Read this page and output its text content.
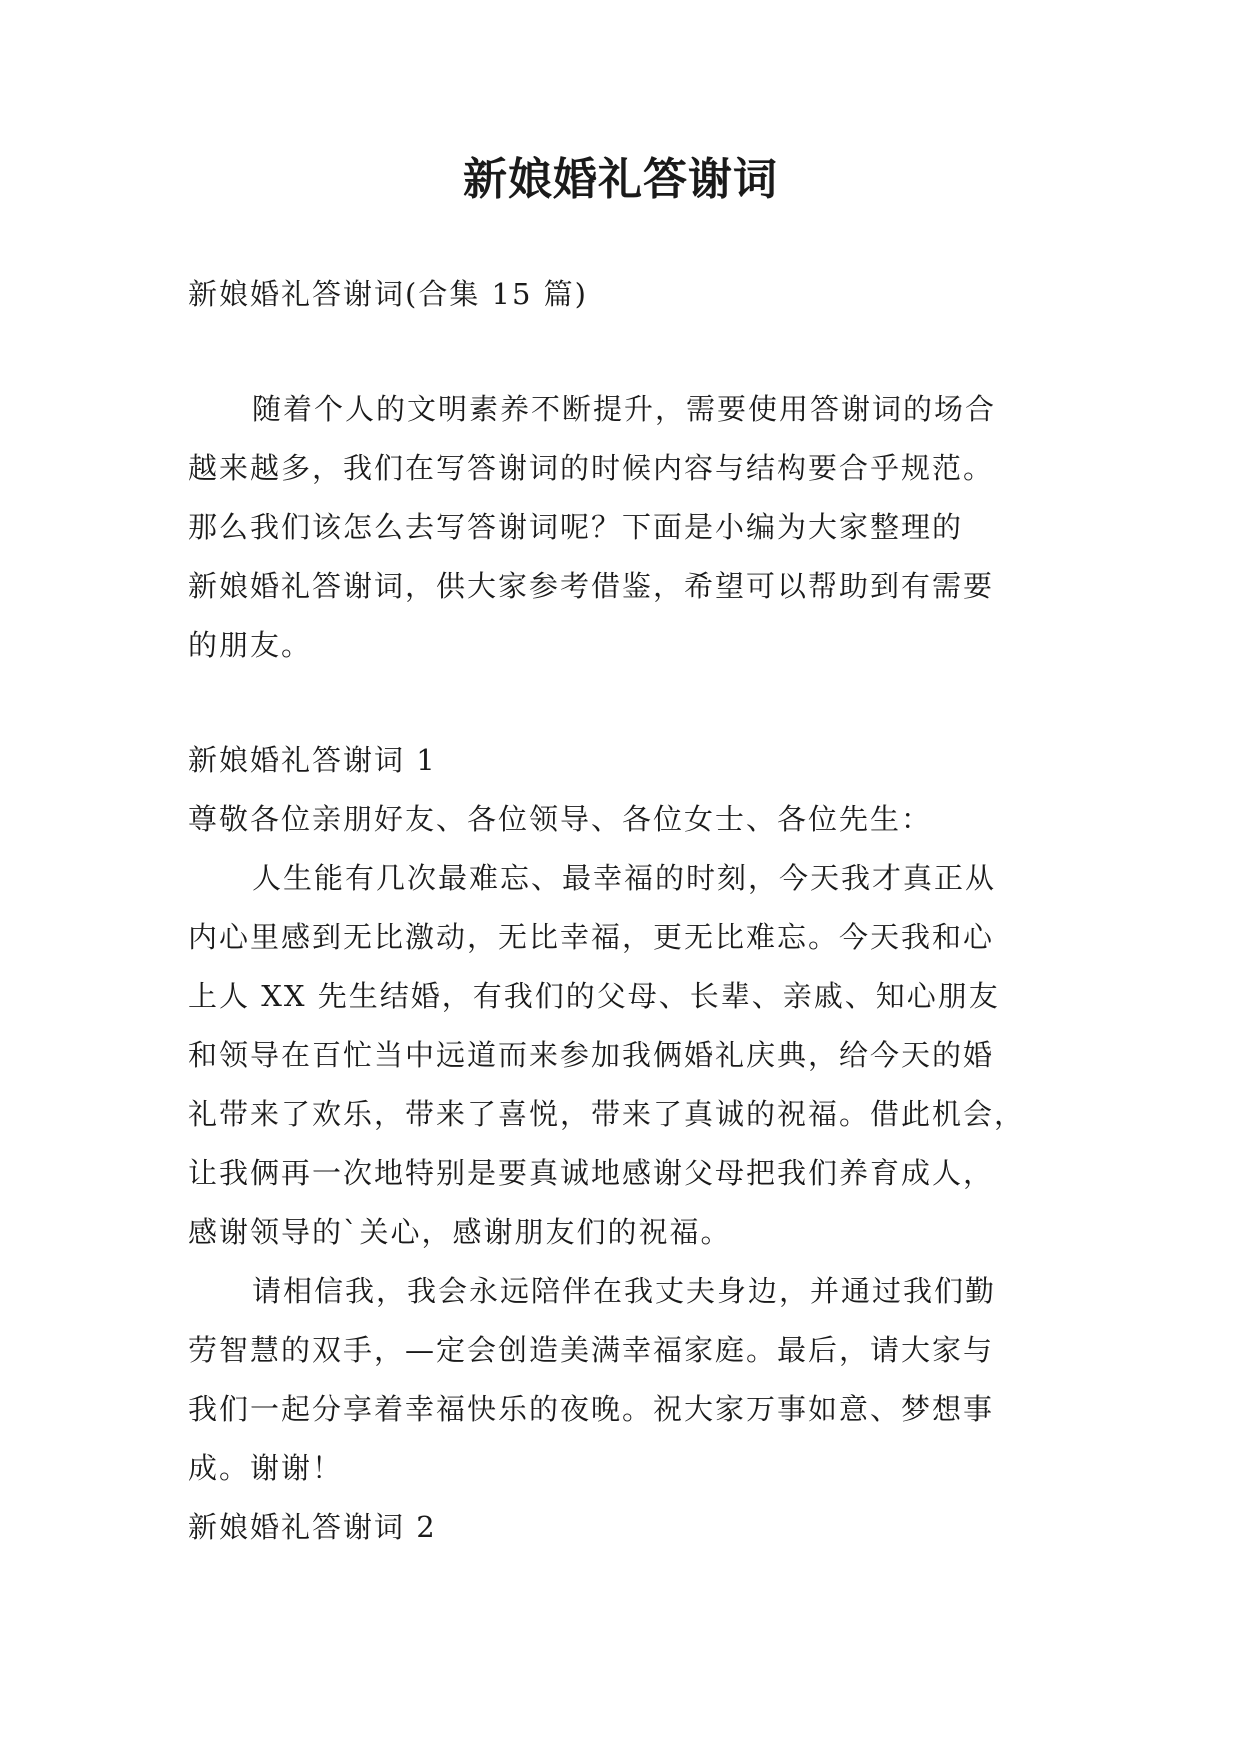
新娘婚礼答谢词
新娘婚礼答谢词(合集 15 篇)
随着个人的文明素养不断提升，需要使用答谢词的场合
越来越多，我们在写答谢词的时候内容与结构要合乎规范。
那么我们该怎么去写答谢词呢？下面是小编为大家整理的
新娘婚礼答谢词，供大家参考借鉴，希望可以帮助到有需要
的朋友。
新娘婚礼答谢词 1
尊敬各位亲朋好友、各位领导、各位女士、各位先生：
人生能有几次最难忘、最幸福的时刻，今天我才真正从
内心里感到无比激动，无比幸福，更无比难忘。今天我和心
上人 XX 先生结婚，有我们的父母、长辈、亲戚、知心朋友
和领导在百忙当中远道而来参加我俩婚礼庆典，给今天的婚
礼带来了欢乐，带来了喜悦，带来了真诚的祝福。借此机会，
让我俩再一次地特别是要真诚地感谢父母把我们养育成人，
感谢领导的`关心，感谢朋友们的祝福。
请相信我，我会永远陪伴在我丈夫身边，并通过我们勤
劳智慧的双手，—定会创造美满幸福家庭。最后，请大家与
我们一起分享着幸福快乐的夜晚。祝大家万事如意、梦想事
成。谢谢！
新娘婚礼答谢词 2
